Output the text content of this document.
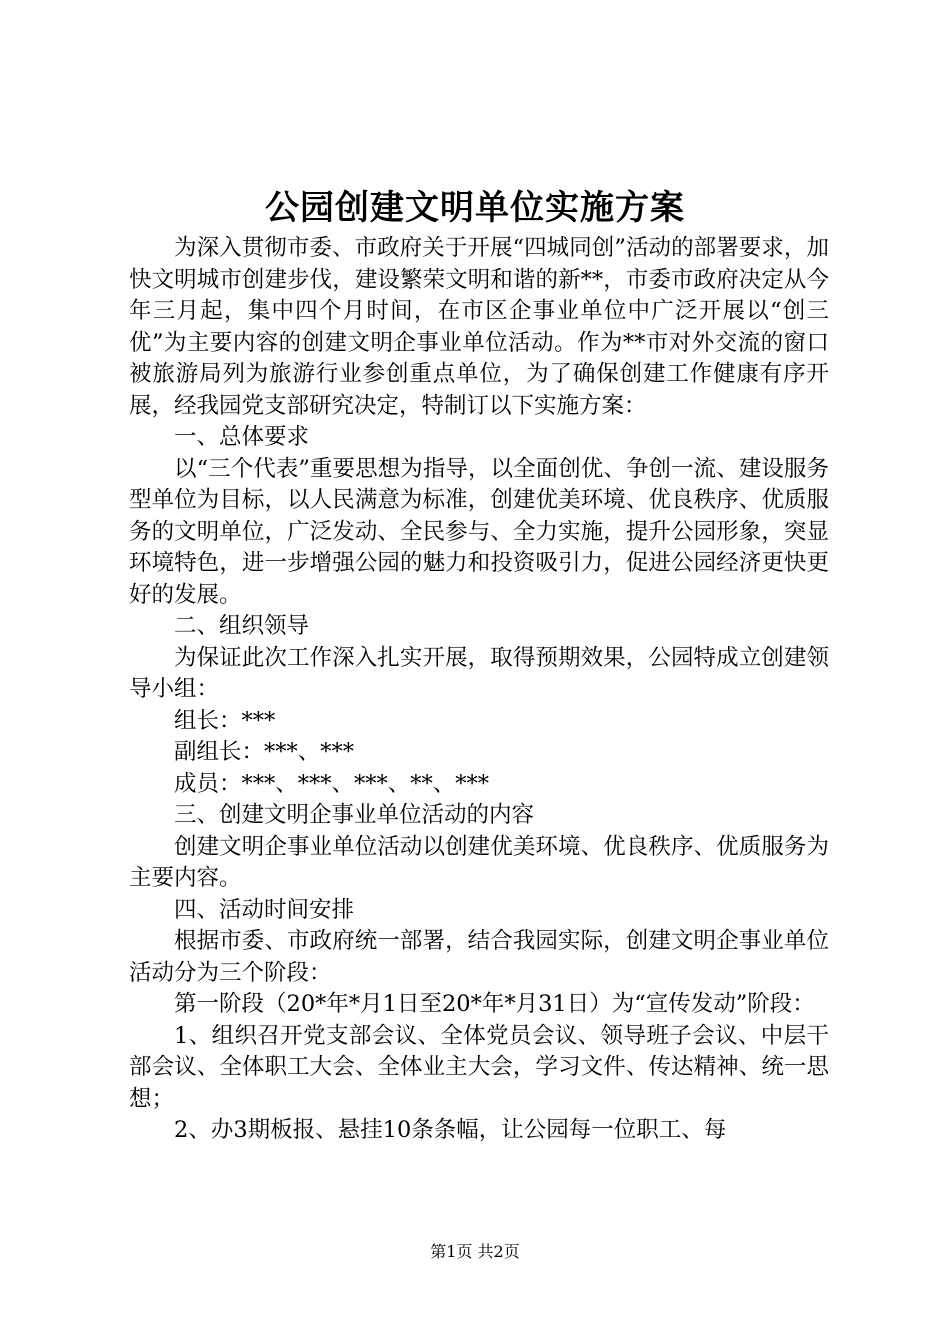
公园创建文明单位实施方案

为深入贯彻市委、市政府关于开展“四城同创”活动的部署要求，加快文明城市创建步伐，建设繁荣文明和谐的新**，市委市政府决定从今年三月起，集中四个月时间，在市区企事业单位中广泛开展以“创三优”为主要内容的创建文明企事业单位活动。作为**市对外交流的窗口被旅游局列为旅游行业参创重点单位，为了确保创建工作健康有序开展，经我园党支部研究决定，特制订以下实施方案：

一、总体要求

以“三个代表”重要思想为指导，以全面创优、争创一流、建设服务型单位为目标，以人民满意为标准，创建优美环境、优良秩序、优质服务的文明单位，广泛发动、全民参与、全力实施，提升公园形象，突显环境特色，进一步增强公园的魅力和投资吸引力，促进公园经济更快更好的发展。

二、组织领导

为保证此次工作深入扎实开展，取得预期效果，公园特成立创建领导小组：

组长：***

副组长：***、***

成员：***、***、***、**、***

三、创建文明企事业单位活动的内容

创建文明企事业单位活动以创建优美环境、优良秩序、优质服务为主要内容。

四、活动时间安排

根据市委、市政府统一部署，结合我园实际，创建文明企事业单位活动分为三个阶段：

第一阶段（20*年*月1日至20*年*月31日）为“宣传发动”阶段：

1、组织召开党支部会议、全体党员会议、领导班子会议、中层干部会议、全体职工大会、全体业主大会，学习文件、传达精神、统一思想；

2、办3期板报、悬挂10条条幅，让公园每一位职工、每

第1页 共2页
